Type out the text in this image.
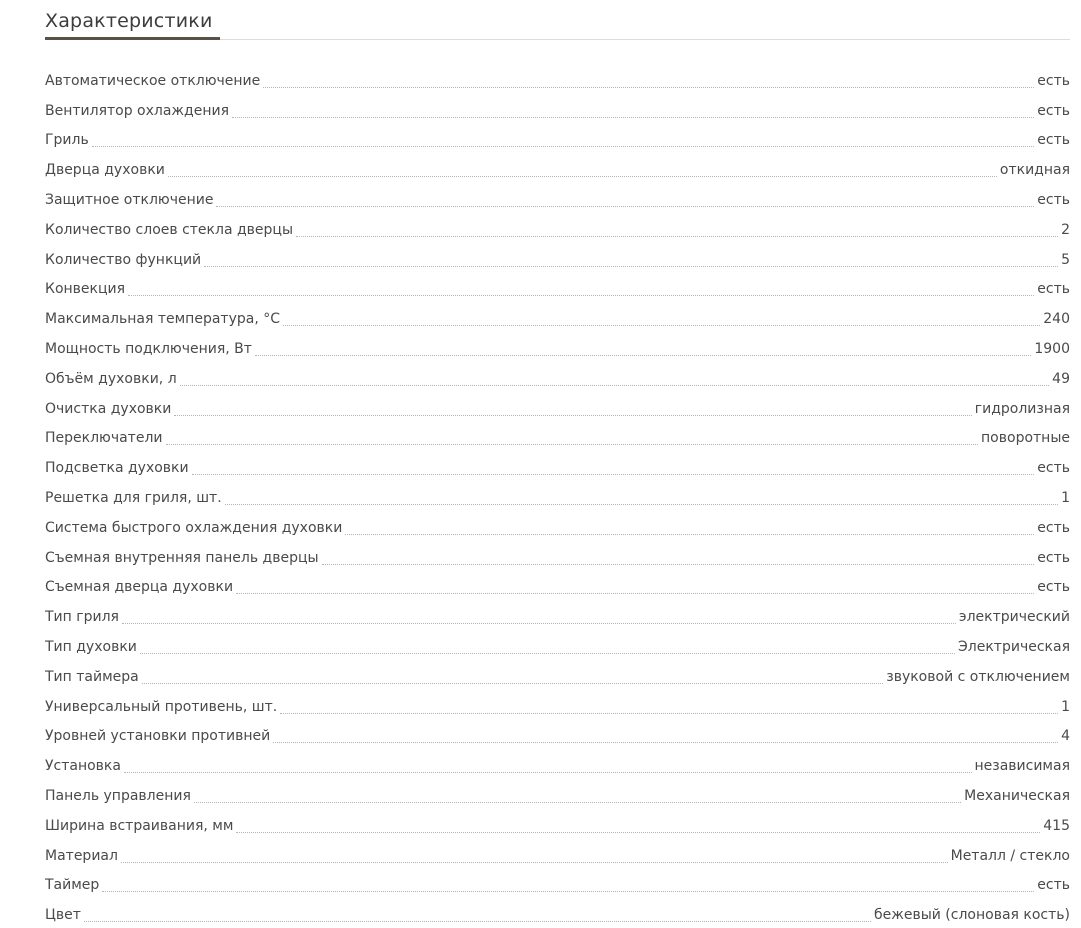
Характеристики
Автоматическое отключение	есть
Вентилятор охлаждения	есть
Гриль	есть
Дверца духовки	откидная
Защитное отключение	есть
Количество слоев стекла дверцы	2
Количество функций	5
Конвекция	есть
Максимальная температура, °C	240
Мощность подключения, Вт	1900
Объём духовки, л	49
Очистка духовки	гидролизная
Переключатели	поворотные
Подсветка духовки	есть
Решетка для гриля, шт.	1
Система быстрого охлаждения духовки	есть
Съемная внутренняя панель дверцы	есть
Съемная дверца духовки	есть
Тип гриля	электрический
Тип духовки	Электрическая
Тип таймера	звуковой с отключением
Универсальный противень, шт.	1
Уровней установки противней	4
Установка	независимая
Панель управления	Механическая
Ширина встраивания, мм	415
Материал	Металл / стекло
Таймер	есть
Цвет	бежевый (слоновая кость)
